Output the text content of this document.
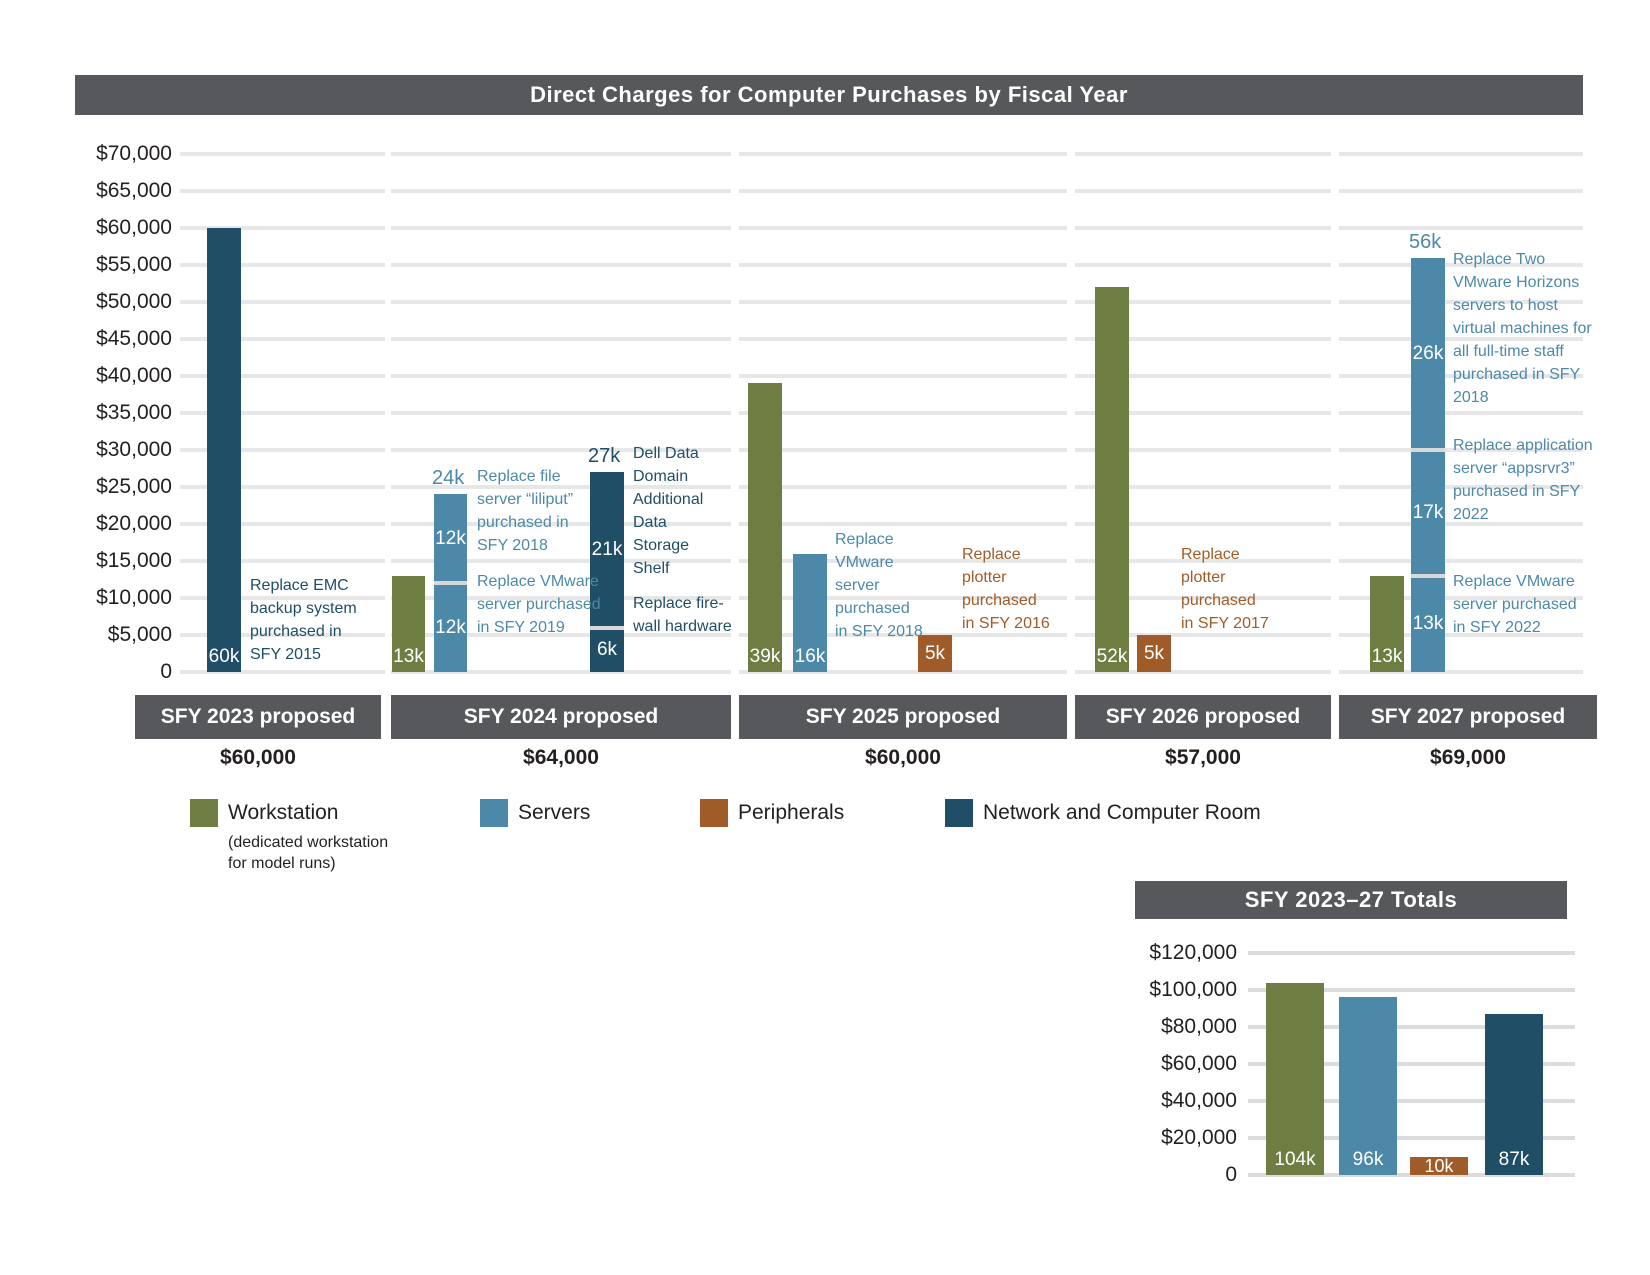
Direct Charges for Computer Purchases by Fiscal Year
$70,000
$65,000
$60,000
$55,000
$50,000
$45,000
$40,000
$35,000
$30,000
$25,000
$20,000
$15,000
$10,000
$5,000
0
SFY 2023 proposed
$60,000
60k
Replace EMC
backup system
purchased in
SFY 2015
SFY 2024 proposed
$64,000
13k
12k
12k
24k
21k
6k
27k
Replace file
server “liliput”
purchased in
SFY 2018
Replace VMware
server purchased
in SFY 2019
Dell Data
Domain
Additional
Data
Storage
Shelf
Replace fire-
wall hardware
SFY 2025 proposed
$60,000
39k 16k	5k
Replace
VMware
server
purchased
in SFY 2018
Replace
plotter
purchased
in SFY 2016
SFY 2026 proposed
$57,000
52k 5k
Replace
plotter
purchased
in SFY 2017
SFY 2027 proposed
$69,000
13k
26k
17k
13k
56k
Replace Two
VMware Horizons
servers to host
virtual machines for
all full-time staff
purchased in SFY
2018
Replace application
server “appsrvr3”
purchased in SFY
2022
Replace VMware
server purchased
in SFY 2022
Workstation
(dedicated workstation
for model runs)
Servers	Peripherals	Network and Computer Room
SFY 2023–27 Totals
$120,000
$100,000
$80,000
$60,000
$40,000
$20,000
0
104k 96k 10k 87k
